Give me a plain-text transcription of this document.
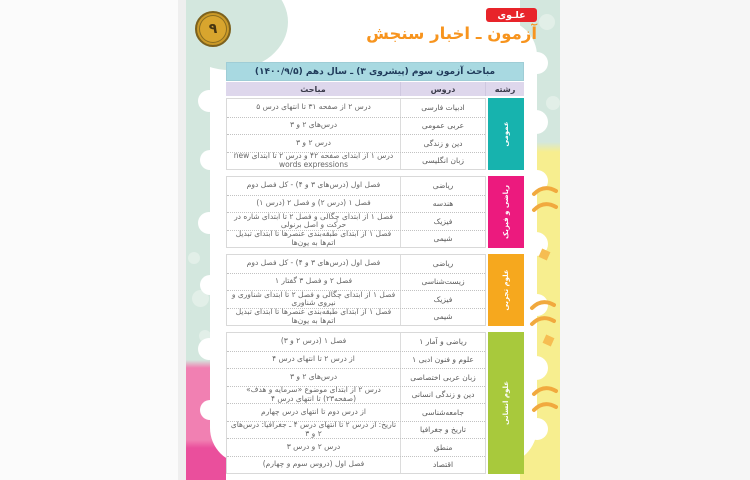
۹
علـوی
آزمون ـ اخبار سنجش
مباحث آزمون سوم (پیشروی ۳) ـ سال دهم (۱۴۰۰/۹/۵)
رشته
دروس
مباحث
عمومی
ادبیات فارسی
درس ۲ از صفحه ۳۱ تا انتهای درس ۵
عربی عمومی
درس‌های ۲ و ۳
دین و زندگی
درس ۲ و ۳
زبان انگلیسی
درس ۱ از ابتدای صفحه ۴۲ و درس ۲ تا ابتدای new words expressions
ریاضی و فیزیک
ریاضی
فصل اول (درس‌های ۳ و ۴) - کل فصل دوم
هندسه
فصل ۱ (درس ۲) و فصل ۲ (درس ۱)
فیزیک
فصل ۱ از ابتدای چگالی و فصل ۲ تا ابتدای شاره در حرکت و اصل برنولی
شیمی
فصل ۱ از ابتدای طبقه‌بندی عنصرها تا ابتدای تبدیل اتم‌ها به یون‌ها
علوم تجربی
ریاضی
فصل اول (درس‌های ۳ و ۴) - کل فصل دوم
زیست‌شناسی
فصل ۲ و فصل ۳ گفتار ۱
فیزیک
فصل ۱ از ابتدای چگالی و فصل ۲ تا ابتدای شناوری و نیروی شناوری
شیمی
فصل ۱ از ابتدای طبقه‌بندی عنصرها تا ابتدای تبدیل اتم‌ها به یون‌ها
علوم انسانی
ریاضی و آمار ۱
فصل ۱ (درس ۲ و ۳)
علوم و فنون ادبی ۱
از درس ۲ تا انتهای درس ۴
زبان عربی اختصاصی
درس‌های ۲ و ۳
دین و زندگی انسانی
درس ۲ از ابتدای موضوع «سرمایه و هدف» (صفحه۲۳) تا انتهای درس ۴
جامعه‌شناسی
از درس دوم تا انتهای درس چهارم
تاریخ و جغرافیا
تاریخ: از درس ۲ تا انتهای درس ۴ ـ جغرافیا: درس‌های ۲ و ۳
منطق
درس ۲ و درس ۳
اقتصاد
فصل اول (دروس سوم و چهارم)
